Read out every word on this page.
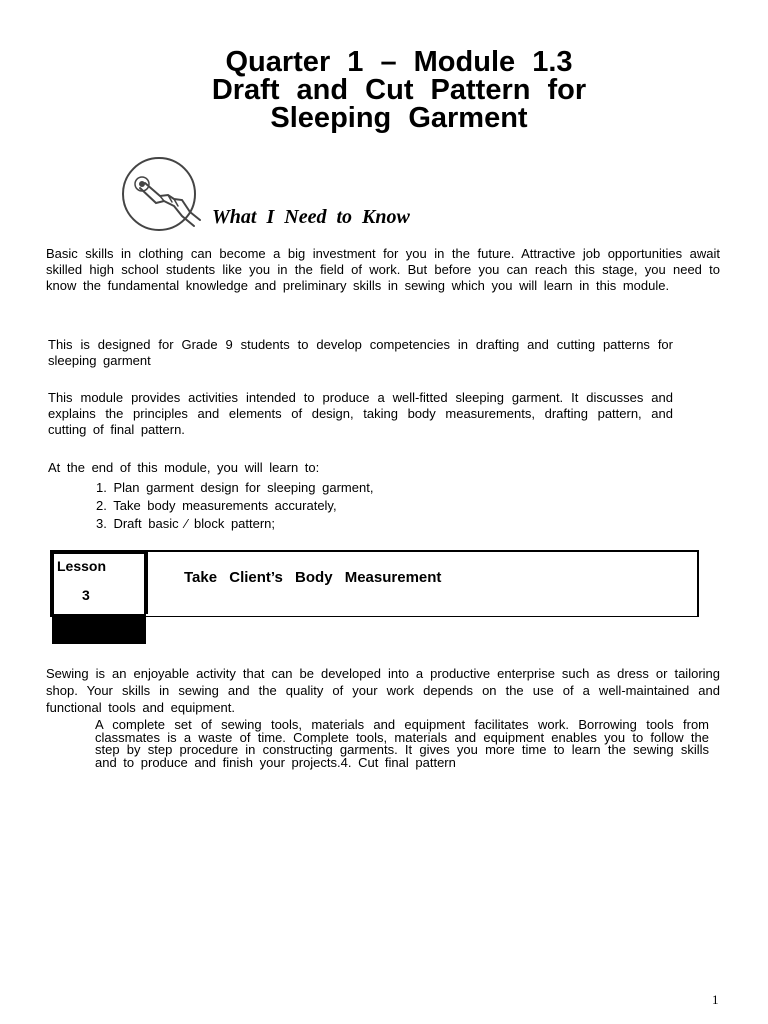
Quarter 1 – Module 1.3
Draft and Cut Pattern for
Sleeping Garment
What I Need to Know

Basic skills in clothing can become a big investment for you in the future. Attractive job opportunities await skilled high school students like you in the field of work. But before you can reach this stage, you need to know the fundamental knowledge and preliminary skills in sewing which you will learn in this module.

This is designed for Grade 9 students to develop competencies in drafting and cutting patterns for sleeping garment

This module provides activities intended to produce a well-fitted sleeping garment. It discusses and explains the principles and elements of design, taking body measurements, drafting pattern, and cutting of final pattern.

At the end of this module, you will learn to:

1. Plan garment design for sleeping garment,
2. Take body measurements accurately,
3. Draft basic ⁄ block pattern;
Lesson
3
Take Client’s Body Measurement

Sewing is an enjoyable activity that can be developed into a productive enterprise such as dress or tailoring shop. Your skills in sewing and the quality of your work depends on the use of a well-maintained and functional tools and equipment.

A complete set of sewing tools, materials and equipment facilitates work. Borrowing tools from classmates is a waste of time. Complete tools, materials and equipment enables you to follow the step by step procedure in constructing garments. It gives you more time to learn the sewing skills and to produce and finish your projects.4. Cut final pattern

1
